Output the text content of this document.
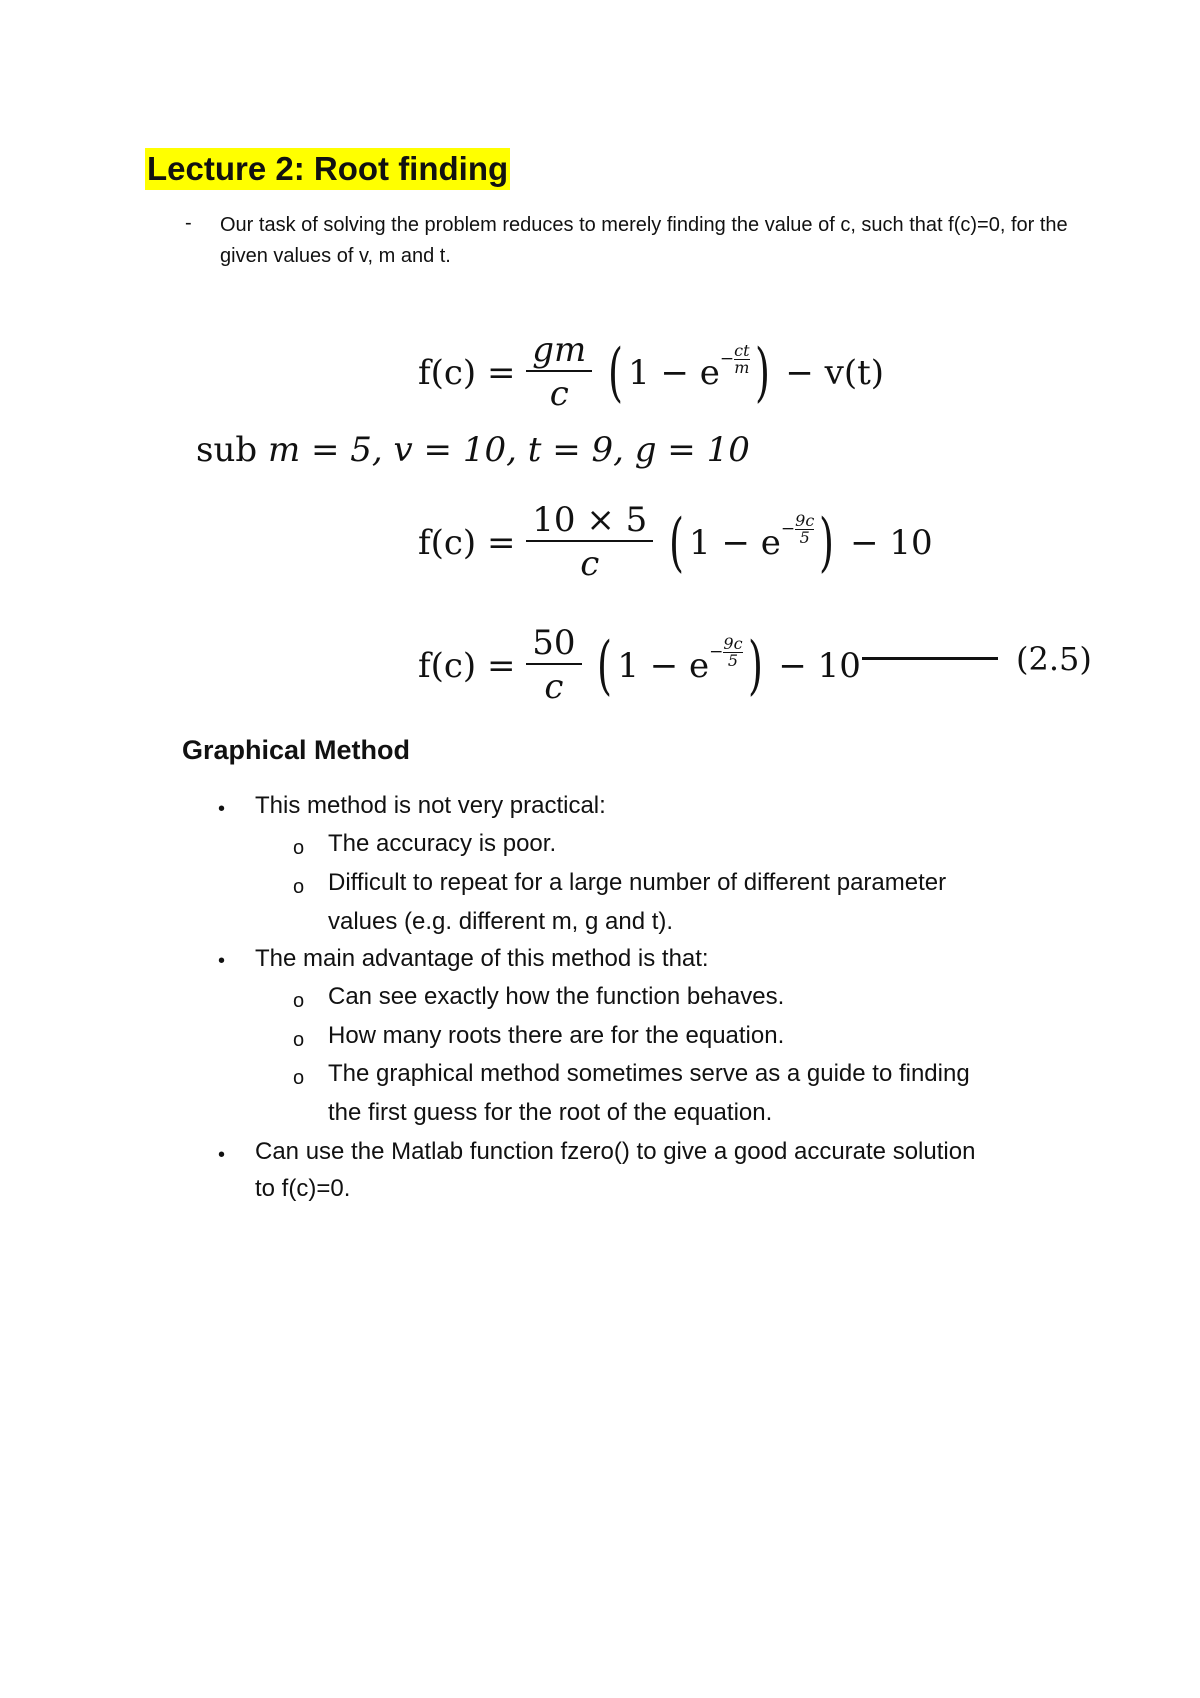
Lecture 2: Root finding
- Our task of solving the problem reduces to merely finding the value of c, such that f(c)=0, for the given values of v, m and t.
$f(c) = \frac{gm}{c}$ ( $1 - e- \frac{ct}{m}$ ) − v(t)
sub m = 5, v = 10, t = 9, g = 10
$f(c) = \frac{10 \times 5}{c}$ ( $1 - e- \frac{9c}{5}$ ) − 10
$f(c) = \frac{50}{c}$ ( $1 - e- \frac{9c}{5}$ ) − 10	(2.5)
Graphical Method
• This method is not very practical:
o The accuracy is poor.
o Difficult to repeat for a large number of different parameter
values (e.g. different m, g and t).
• The main advantage of this method is that:
o Can see exactly how the function behaves.
o How many roots there are for the equation.
o The graphical method sometimes serve as a guide to finding
the first guess for the root of the equation.
• Can use the Matlab function fzero() to give a good accurate solution
to f(c)=0.
